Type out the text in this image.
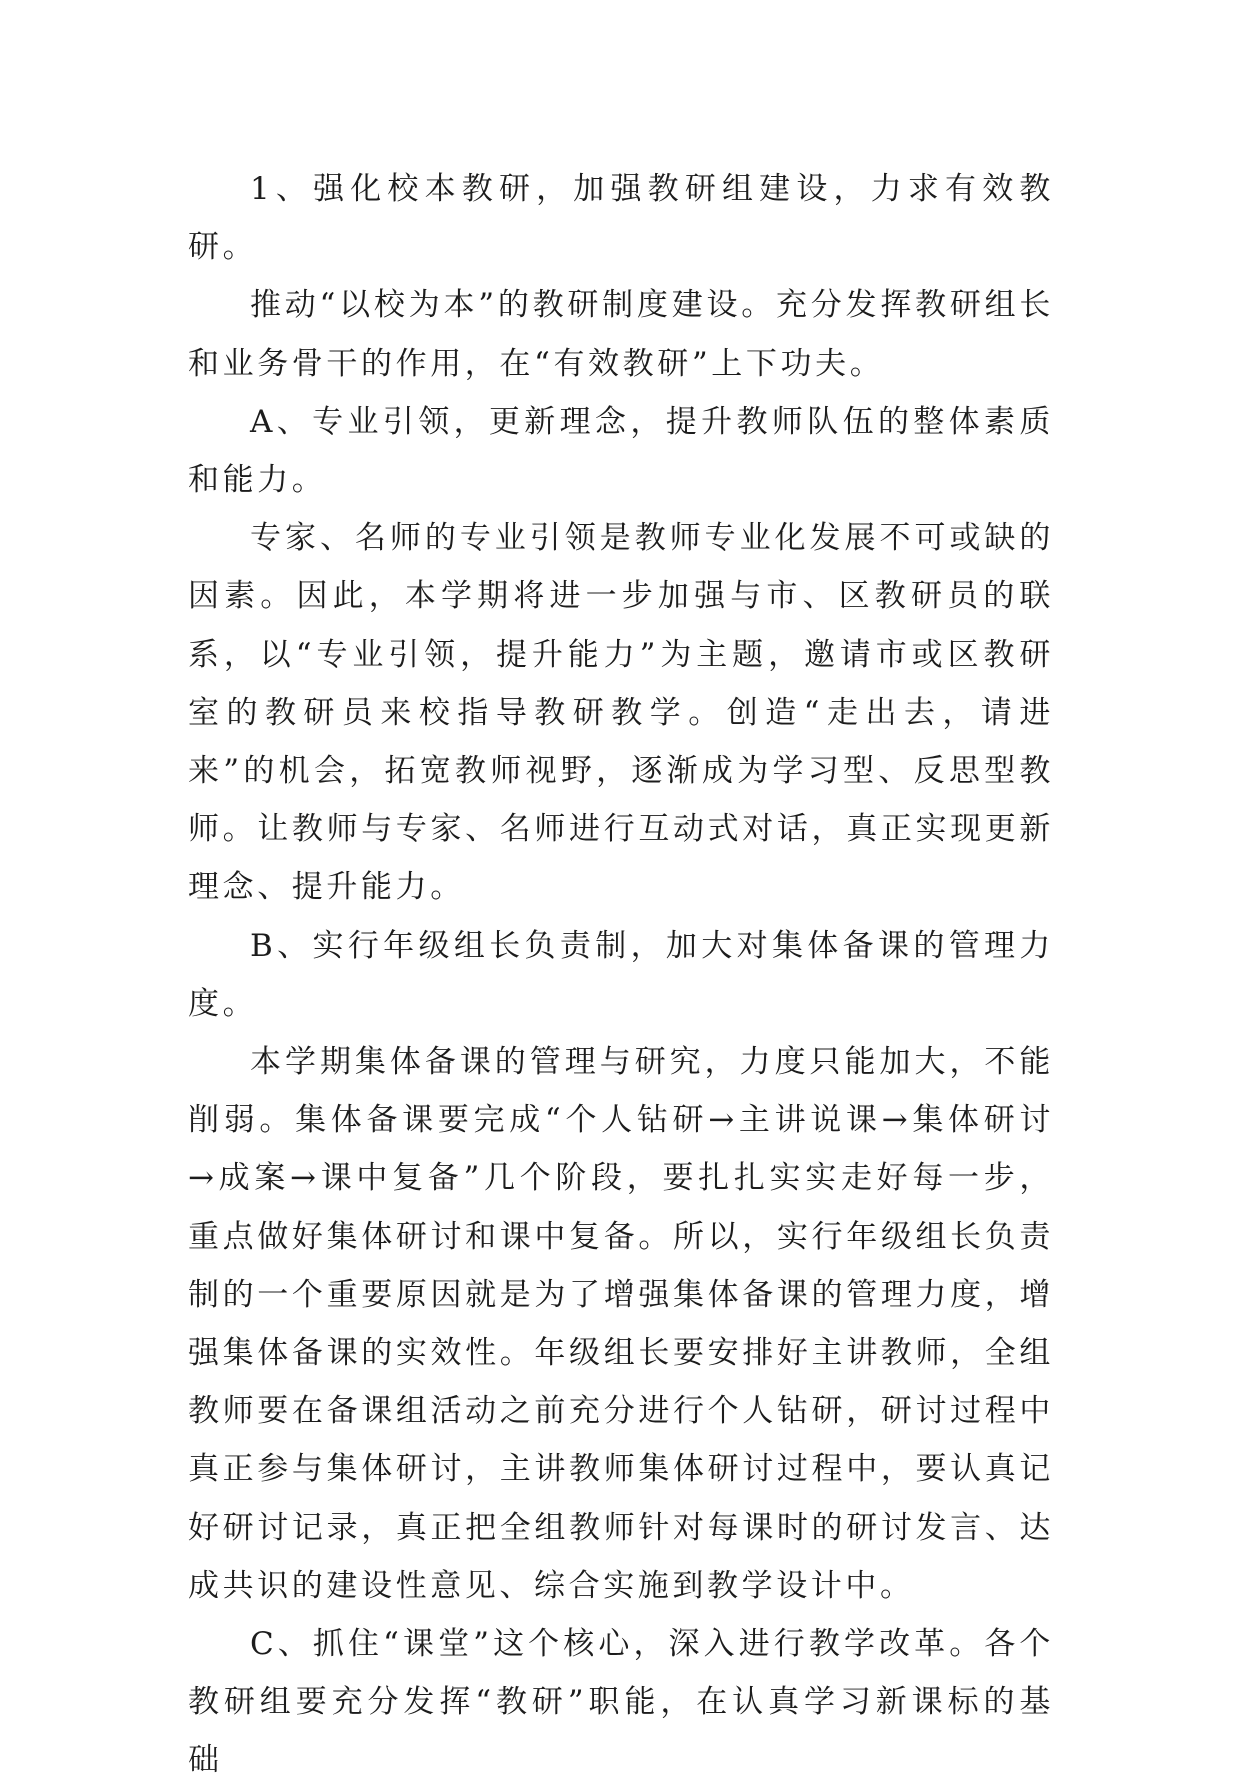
1、强化校本教研，加强教研组建设，力求有效教研。

推动“以校为本”的教研制度建设。充分发挥教研组长和业务骨干的作用，在“有效教研”上下功夫。

A、专业引领，更新理念，提升教师队伍的整体素质和能力。

专家、名师的专业引领是教师专业化发展不可或缺的因素。因此，本学期将进一步加强与市、区教研员的联系，以“专业引领，提升能力”为主题，邀请市或区教研室的教研员来校指导教研教学。创造“走出去，请进来”的机会，拓宽教师视野，逐渐成为学习型、反思型教师。让教师与专家、名师进行互动式对话，真正实现更新理念、提升能力。

B、实行年级组长负责制，加大对集体备课的管理力度。

本学期集体备课的管理与研究，力度只能加大，不能削弱。集体备课要完成“个人钻研→主讲说课→集体研讨→成案→课中复备”几个阶段，要扎扎实实走好每一步，重点做好集体研讨和课中复备。所以，实行年级组长负责制的一个重要原因就是为了增强集体备课的管理力度，增强集体备课的实效性。年级组长要安排好主讲教师，全组教师要在备课组活动之前充分进行个人钻研，研讨过程中真正参与集体研讨，主讲教师集体研讨过程中，要认真记好研讨记录，真正把全组教师针对每课时的研讨发言、达成共识的建设性意见、综合实施到教学设计中。

C、抓住“课堂”这个核心，深入进行教学改革。各个教研组要充分发挥“教研”职能，在认真学习新课标的基础
